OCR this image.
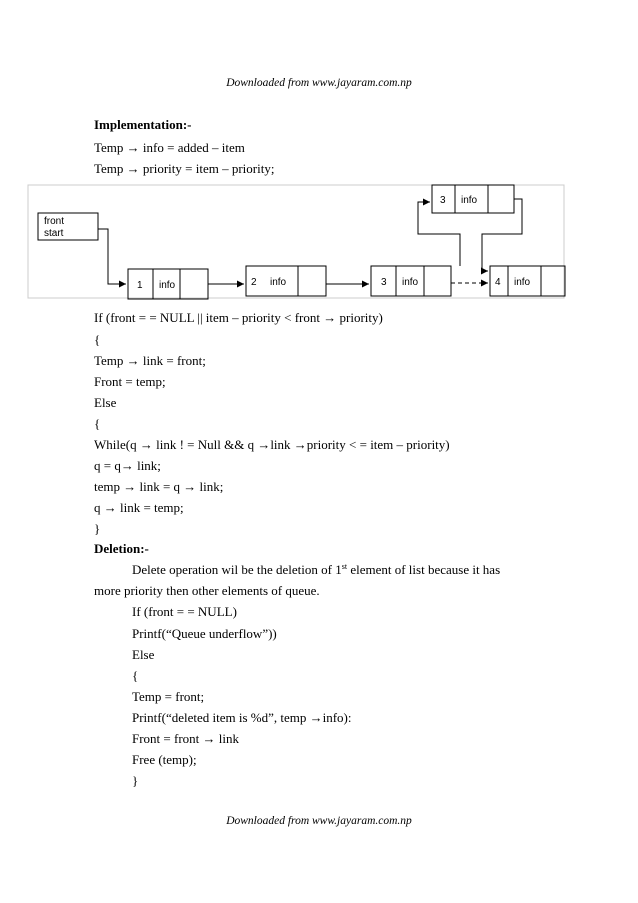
Downloaded from www.jayaram.com.np
Implementation:-
Temp → info = added – item
Temp → priority = item – priority;
front
start
1 info	2 info	3 info	4 info
3 info
If (front = = NULL || item – priority < front → priority)
{
Temp → link = front;
Front = temp;
Else
{
While(q → link ! = Null && q →link →priority < = item – priority)
q = q→ link;
temp → link = q → link;
q → link = temp;
}
Deletion:-
Delete operation wil be the deletion of 1st element of list because it has
more priority then other elements of queue.
If (front = = NULL)
Printf(“Queue underflow”))
Else
{
Temp = front;
Printf(“deleted item is %d”, temp →info):
Front = front → link
Free (temp);
}
Downloaded from www.jayaram.com.np
